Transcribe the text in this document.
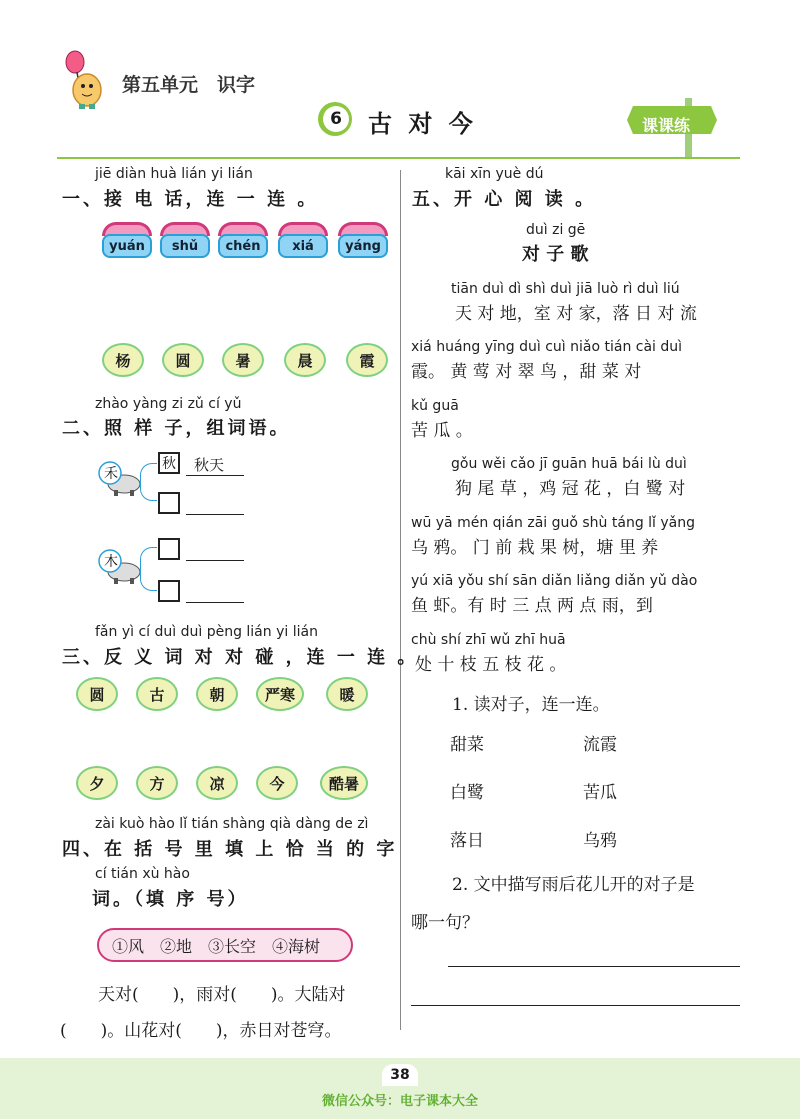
第五单元　识字
6 古 对 今	课课练
jiē diàn huà lián yi lián
一、接 电 话，连 一 连 。
yuán	shǔ	chén	xiá	yáng
杨	圆	暑	晨	霞
zhào yàng zi zǔ cí yǔ
二、照 样 子，组词语。
禾
秋 秋天
木
fǎn yì cí duì duì pèng lián yi lián
三、反 义 词 对 对 碰 ，连 一 连 。
圆	古	朝	严寒	暖
夕	方	凉	今	酷暑
zài kuò hào lǐ tián shàng qià dàng de zì
四、在 括 号 里 填 上 恰 当 的 字
cí tián xù hào
词。（填 序 号）
①风　②地　③长空　④海树
天对(　　)，雨对(　　)。大陆对
(　　)。山花对(　　)，赤日对苍穹。
kāi xīn yuè dú
五、开 心 阅 读 。
duì zi gē
对 子 歌
tiān duì dì shì duì jiā luò rì duì liú
天 对 地，室 对 家，落 日 对 流
xiá huáng yīng duì cuì niǎo tián cài duì
霞。 黄 莺 对 翠 鸟 ，甜 菜 对
kǔ guā
苦 瓜 。
gǒu wěi cǎo jī guān huā bái lù duì
狗 尾 草 ，鸡 冠 花 ，白 鹭 对
wū yā mén qián zāi guǒ shù táng lǐ yǎng
乌 鸦。 门 前 栽 果 树，塘 里 养
yú xiā yǒu shí sān diǎn liǎng diǎn yǔ dào
鱼 虾。有 时 三 点 两 点 雨，到
chù shí zhī wǔ zhī huā
处 十 枝 五 枝 花 。
1. 读对子，连一连。
甜菜	流霞
白鹭	苦瓜
落日	乌鸦
2. 文中描写雨后花儿开的对子是
哪一句？
38
微信公众号：电子课本大全
